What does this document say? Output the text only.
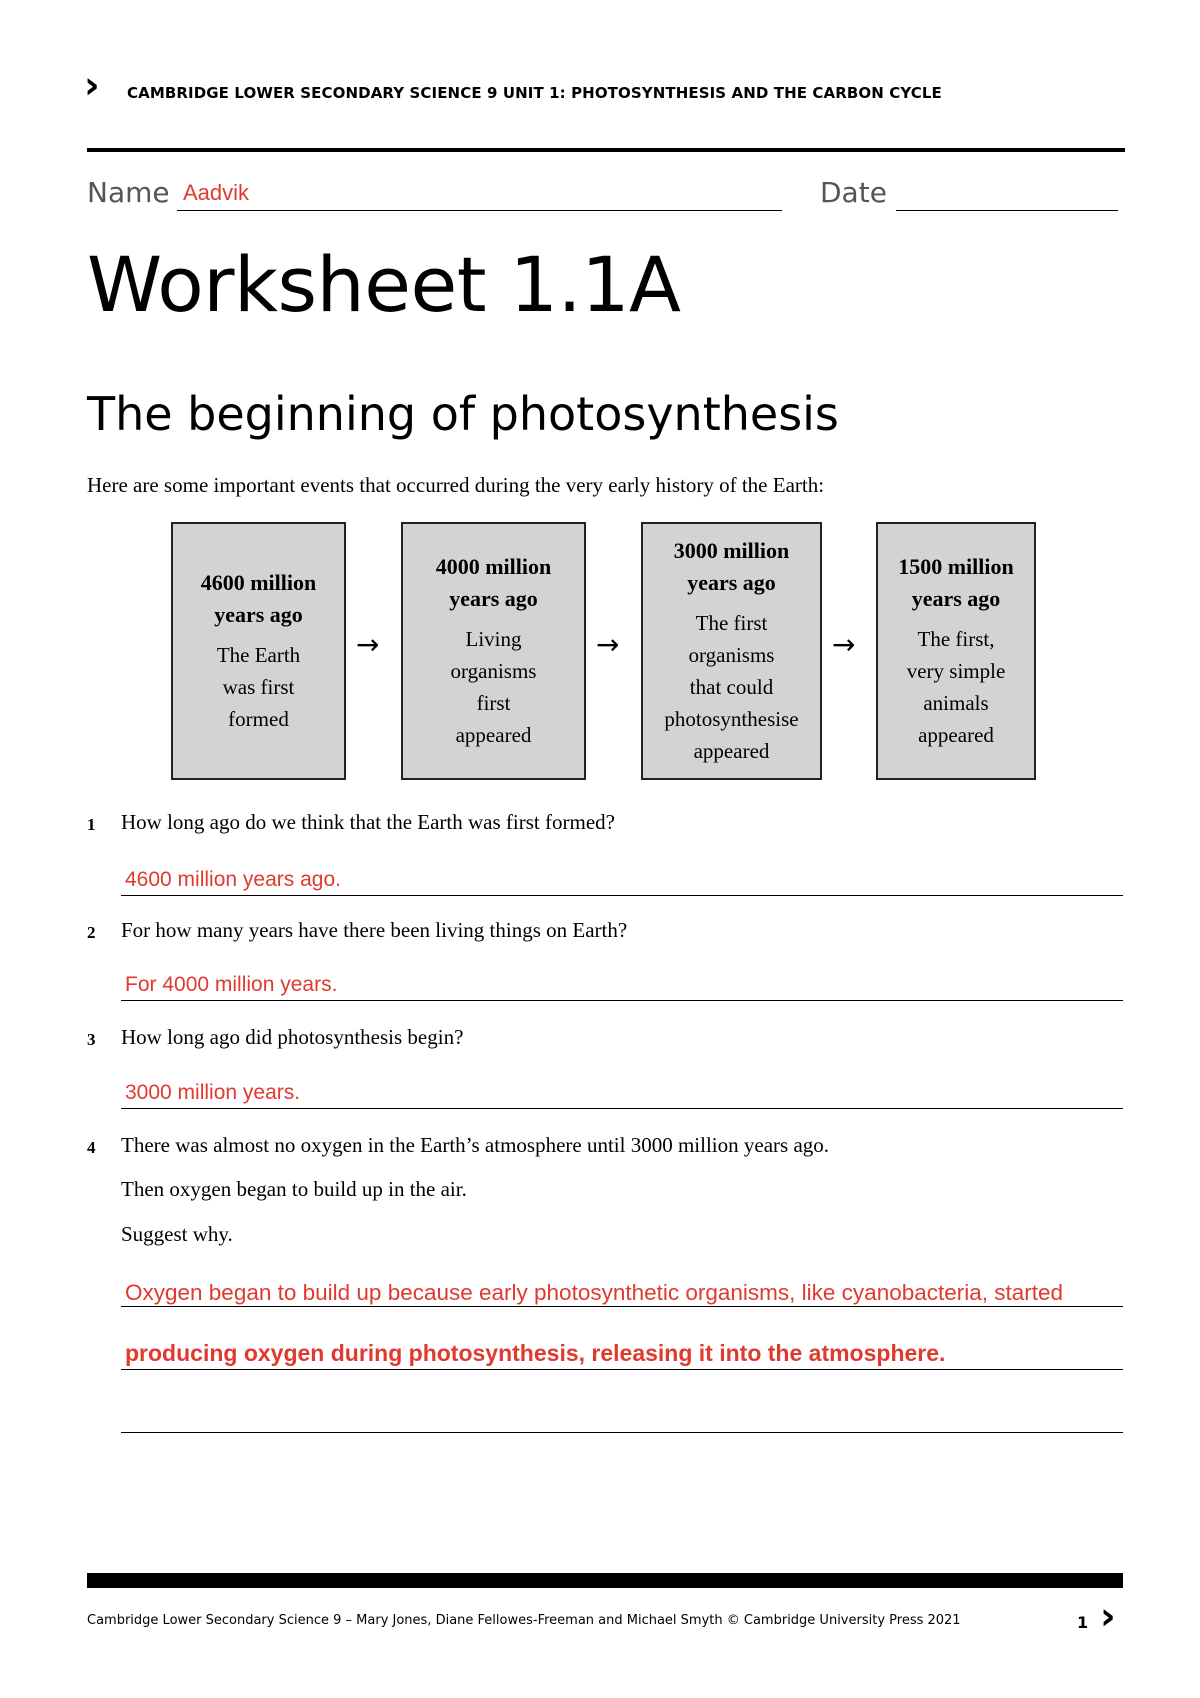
› CAMBRIDGE LOWER SECONDARY SCIENCE 9 UNIT 1: PHOTOSYNTHESIS AND THE CARBON CYCLE
Name Aadvik	Date
Worksheet 1.1A
The beginning of photosynthesis
Here are some important events that occurred during the very early history of the Earth:
4600 million
years ago
The Earth
was first
formed
→
4000 million
years ago
Living
organisms
first
appeared
→
3000 million
years ago
The first
organisms
that could
photosynthesise
appeared
→
1500 million
years ago
The first,
very simple
animals
appeared
1 How long ago do we think that the Earth was first formed?
4600 million years ago.
2 For how many years have there been living things on Earth?
For 4000 million years.
3 How long ago did photosynthesis begin?
3000 million years.
4 There was almost no oxygen in the Earth’s atmosphere until 3000 million years ago.
Then oxygen began to build up in the air.
Suggest why.
Oxygen began to build up because early photosynthetic organisms, like cyanobacteria, started
producing oxygen during photosynthesis, releasing it into the atmosphere.
Cambridge Lower Secondary Science 9 – Mary Jones, Diane Fellowes-Freeman and Michael Smyth © Cambridge University Press 2021	1 ›
